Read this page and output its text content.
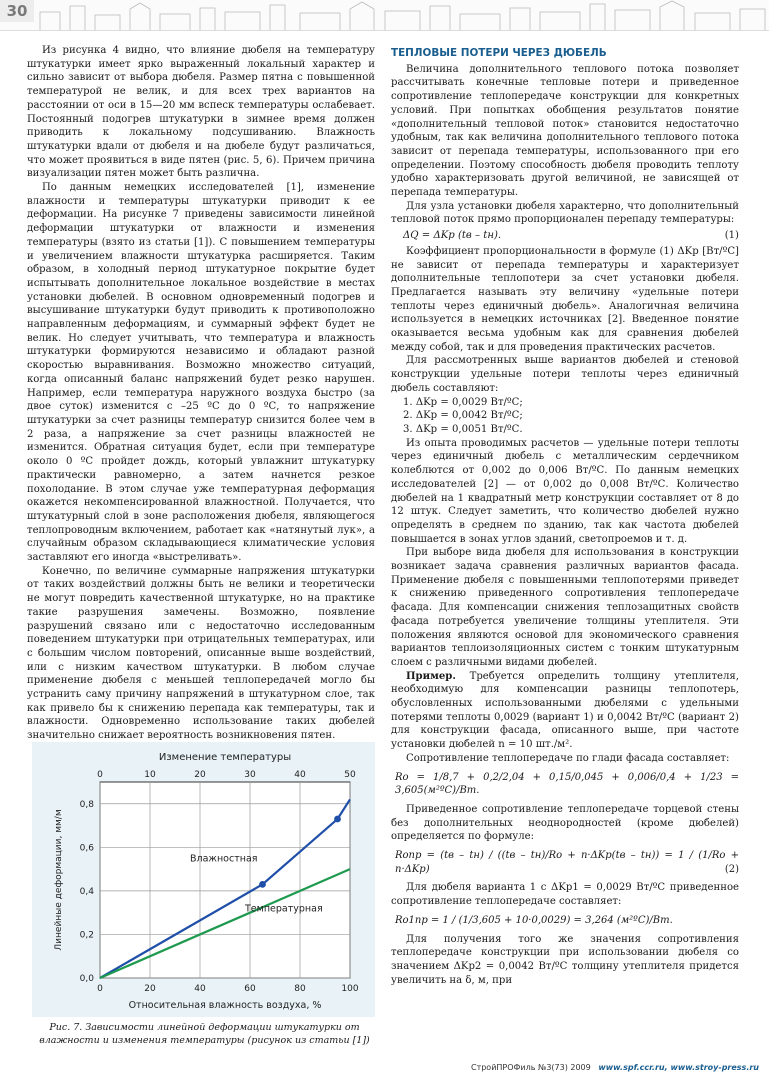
30

Из рисунка 4 видно, что влияние дюбеля на температуру штукатурки имеет ярко выраженный локальный характер и сильно зависит от выбора дюбеля. Размер пятна с повышенной температурой не велик, и для всех трех вариантов на расстоянии от оси в 15—20 мм вспеск температуры ослабевает. Постоянный подогрев штукатурки в зимнее время должен приводить к локальному подсушиванию. Влажность штукатурки вдали от дюбеля и на дюбеле будут различаться, что может проявиться в виде пятен (рис. 5, 6). Причем причина визуализации пятен может быть различна.

По данным немецких исследователей [1], изменение влажности и температуры штукатурки приводит к ее деформации. На рисунке 7 приведены зависимости линейной деформации штукатурки от влажности и изменения температуры (взято из статьи [1]). С повышением температуры и увеличением влажности штукатурка расширяется. Таким образом, в холодный период штукатурное покрытие будет испытывать дополнительное локальное воздействие в местах установки дюбелей. В основном одновременный подогрев и высушивание штукатурки будут приводить к противоположно направленным деформациям, и суммарный эффект будет не велик. Но следует учитывать, что температура и влажность штукатурки формируются независимо и обладают разной скоростью выравнивания. Возможно множество ситуаций, когда описанный баланс напряжений будет резко нарушен. Например, если температура наружного воздуха быстро (за двое суток) изменится с –25 ºС до 0 ºС, то напряжение штукатурки за счет разницы температур снизится более чем в 2 раза, а напряжение за счет разницы влажностей не изменится. Обратная ситуация будет, если при температуре около 0 ºС пройдет дождь, который увлажнит штукатурку практически равномерно, а затем начнется резкое похолодание. В этом случае уже температурная деформация окажется некомпенсированной влажностной. Получается, что штукатурный слой в зоне расположения дюбеля, являющегося теплопроводным включением, работает как «натянутый лук», а случайным образом складывающиеся климатические условия заставляют его иногда «выстреливать».

Конечно, по величине суммарные напряжения штукатурки от таких воздействий должны быть не велики и теоретически не могут повредить качественной штукатурке, но на практике такие разрушения замечены. Возможно, появление разрушений связано или с недостаточно исследованным поведением штукатурки при отрицательных температурах, или с большим числом повторений, описанные выше воздействий, или с низким качеством штукатурки. В любом случае применение дюбеля с меньшей теплопередачей могло бы устранить саму причину напряжений в штукатурном слое, так как привело бы к снижению перепада как температуры, так и влажности. Одновременно использование таких дюбелей значительно снижает вероятность возникновения пятен.

0,0
0,2
0,4
0,6
0,8
0	20	40	60	80	100
0	10	20	30	40	50
Изменение температуры
Относительная влажность воздуха, %
Линейные деформации, мм/м	Влажностная
Температурная
Рис. 7. Зависимости линейной деформации штукатурки от влажности и изменения температуры (рисунок из статьи [1])

ТЕПЛОВЫЕ ПОТЕРИ ЧЕРЕЗ ДЮБЕЛЬ

Величина дополнительного теплового потока позволяет рассчитывать конечные тепловые потери и приведенное сопротивление теплопередаче конструкции для конкретных условий. При попытках обобщения результатов понятие «дополнительный тепловой поток» становится недостаточно удобным, так как величина дополнительного теплового потока зависит от перепада температуры, использованного при его определении. Поэтому способность дюбеля проводить теплоту удобно характеризовать другой величиной, не зависящей от перепада температуры.

Для узла установки дюбеля характерно, что дополнительный тепловой поток прямо пропорционален перепаду температуры:

ΔQ = ΔKp (tв – tн).	(1)

Коэффициент пропорциональности в формуле (1) ΔKp [Вт/ºС] не зависит от перепада температуры и характеризует дополнительные теплопотери за счет установки дюбеля. Предлагается называть эту величину «удельные потери теплоты через единичный дюбель». Аналогичная величина используется в немецких источниках [2]. Введенное понятие оказывается весьма удобным как для сравнения дюбелей между собой, так и для проведения практических расчетов.

Для рассмотренных выше вариантов дюбелей и стеновой конструкции удельные потери теплоты через единичный дюбель составляют:

1. ΔKp = 0,0029 Вт/ºС;

2. ΔKp = 0,0042 Вт/ºС;

3. ΔKp = 0,0051 Вт/ºС.

Из опыта проводимых расчетов — удельные потери теплоты через единичный дюбель с металлическим сердечником колеблются от 0,002 до 0,006 Вт/ºС. По данным немецких исследователей [2] — от 0,002 до 0,008 Вт/ºС. Количество дюбелей на 1 квадратный метр конструкции составляет от 8 до 12 штук. Следует заметить, что количество дюбелей нужно определять в среднем по зданию, так как частота дюбелей повышается в зонах углов зданий, светопроемов и т. д.

При выборе вида дюбеля для использования в конструкции возникает задача сравнения различных вариантов фасада. Применение дюбеля с повышенными теплопотерями приведет к снижению приведенного сопротивления теплопередаче фасада. Для компенсации снижения теплозащитных свойств фасада потребуется увеличение толщины утеплителя. Эти положения являются основой для экономического сравнения вариантов теплоизоляционных систем с тонким штукатурным слоем с различными видами дюбелей.

Пример. Требуется определить толщину утеплителя, необходимую для компенсации разницы теплопотерь, обусловленных использованными дюбелями с удельными потерями теплоты 0,0029 (вариант 1) и 0,0042 Вт/ºС (вариант 2) для конструкции фасада, описанного выше, при частоте установки дюбелей n = 10 шт./м².

Сопротивление теплопередаче по глади фасада составляет:

Rо = 1/8,7 + 0,2/2,04 + 0,15/0,045 + 0,006/0,4 + 1/23 = 3,605(м²ºС)/Вт.

Приведенное сопротивление теплопередаче торцевой стены без дополнительных неоднородностей (кроме дюбелей) определяется по формуле:

Rопр = (tв – tн) / ((tв – tн)/Rо + n·ΔKp(tв – tн)) = 1 / (1/Rо + n·ΔKp)	(2)

Для дюбеля варианта 1 с ΔKp1 = 0,0029 Вт/ºС приведенное сопротивление теплопередаче составляет:

Rо1пр = 1 / (1/3,605 + 10·0,0029) = 3,264 (м²ºС)/Вт.

Для получения того же значения сопротивления теплопередаче конструкции при использовании дюбеля со значением ΔKp2 = 0,0042 Вт/ºС толщину утеплителя придется увеличить на δ, м, при

СтройПРОФиль №3(73) 2009 www.spf.ccr.ru, www.stroy-press.ru
